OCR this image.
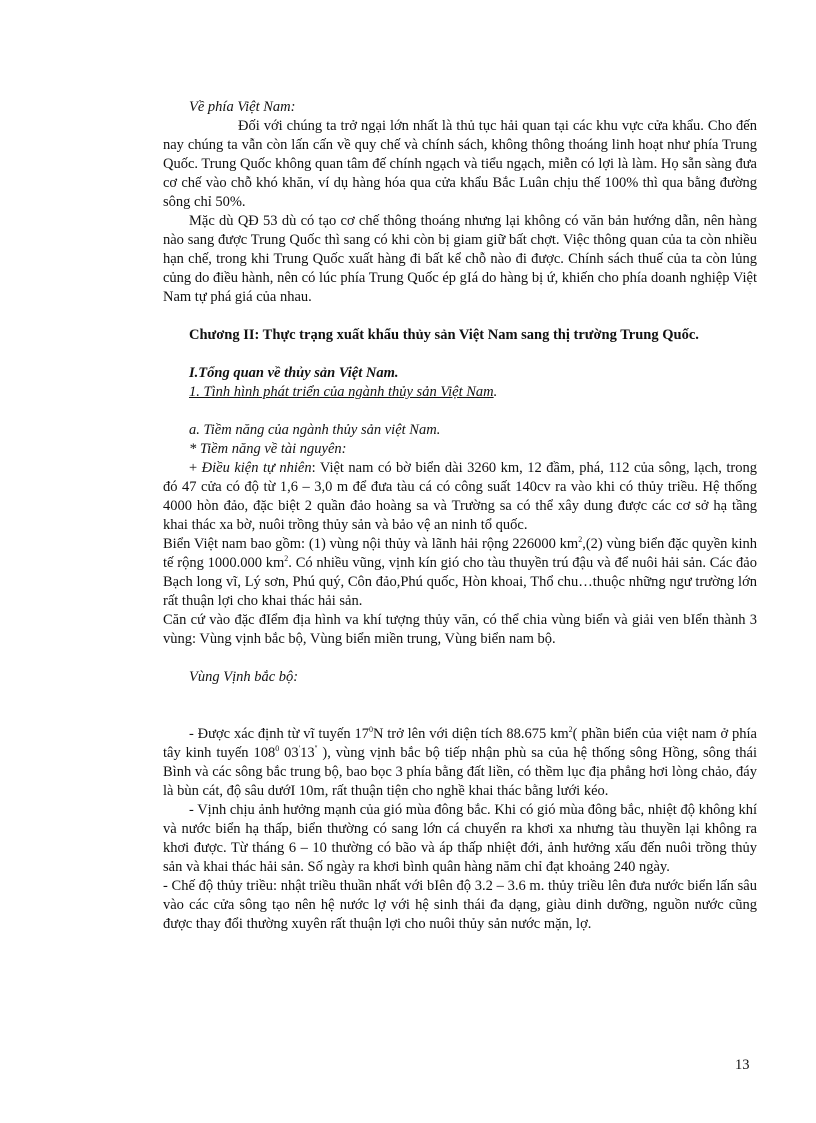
Về phía Việt Nam:

Đối với chúng ta trở ngại lớn nhất là thủ tục hải quan tại các khu vực cửa khẩu. Cho đến nay chúng ta vẫn còn lấn cấn về quy chế và chính sách, không thông thoáng linh hoạt như phía Trung Quốc. Trung Quốc không quan tâm đế chính ngạch và tiểu ngạch, miễn có lợi là làm. Họ sẵn sàng đưa cơ chế vào chỗ khó khăn, ví dụ hàng hóa qua cửa khẩu Bắc Luân chịu thế 100% thì qua bằng đường sông chỉ 50%.

Mặc dù QĐ 53 dù có tạo cơ chế thông thoáng nhưng lại không có văn bản hướng dẫn, nên hàng nào sang được Trung Quốc thì sang có khi còn bị giam giữ bất chợt. Việc thông quan của ta còn nhiều hạn chế, trong khi Trung Quốc xuất hàng đi bất kể chỗ nào đi được. Chính sách thuế của ta còn lủng củng do điều hành, nên có lúc phía Trung Quốc ép gIá do hàng bị ứ, khiến cho phía doanh nghiệp Việt Nam tự phá giá của nhau.

Chương II: Thực trạng xuất khẩu thủy sản Việt Nam sang thị trường Trung Quốc.

I.Tổng quan về thủy sản Việt Nam.

1. Tình hình phát triển của ngành thủy sản Việt Nam.

a. Tiềm năng của ngành thủy sản việt Nam.

* Tiềm năng về tài nguyên:

+ Điều kiện tự nhiên: Việt nam có bờ biển dài 3260 km, 12 đầm, phá, 112 của sông, lạch, trong đó 47 cửa có độ từ 1,6 – 3,0 m để đưa tàu cá có công suất 140cv ra vào khi có thủy triều. Hệ thống 4000 hòn đảo, đặc biệt 2 quần đảo hoàng sa và Trường sa có thể xây dung được các cơ sở hạ tầng khai thác xa bờ, nuôi trồng thủy sản và bảo vệ an ninh tổ quốc.

Biển Việt nam bao gồm: (1) vùng nội thủy và lãnh hải rộng 226000 $km^2,(2)$ vùng biển đặc quyền kinh tế rộng 1000.000 $km^2$. Có nhiều vũng, vịnh kín gió cho tàu thuyền trú đậu và để nuôi hải sản. Các đảo Bạch long vĩ, Lý sơn, Phú quý, Côn đảo,Phú quốc, Hòn khoai, Thổ chu…thuộc những ngư trường lớn rất thuận lợi cho khai thác hải sản.

Căn cứ vào đặc đIểm địa hình va khí tượng thủy văn, có thể chia vùng biển và giải ven bIển thành 3 vùng: Vùng vịnh bắc bộ, Vùng biển miền trung, Vùng biển nam bộ.

Vùng Vịnh bắc bộ:

- Được xác định từ vĩ tuyến $17^0N$ trở lên với diện tích 88.675 $km^2$( phần biển của việt nam ở phía tây kinh tuyến $108^0$ 03'13'' ), vùng vịnh bắc bộ tiếp nhận phù sa của hệ thống sông Hồng, sông thái Bình và các sông bắc trung bộ, bao bọc 3 phía bằng đất liền, có thềm lục địa phẳng hơi lòng chảo, đáy là bùn cát, độ sâu dướI 10m, rất thuận tiện cho nghề khai thác bằng lưới kéo.

- Vịnh chịu ảnh hưởng mạnh của gió mùa đông bắc. Khi có gió mùa đông bắc, nhiệt độ không khí và nước biển hạ thấp, biển thường có sang lớn cá chuyển ra khơi xa nhưng tàu thuyền lại không ra khơi được. Từ tháng 6 – 10 thường có bão và áp thấp nhiệt đới, ảnh hưởng xấu đến nuôi trồng thủy sản và khai thác hải sản. Số ngày ra khơi bình quân hàng năm chỉ đạt khoảng 240 ngày.

- Chế độ thủy triều: nhật triều thuần nhất với bIên độ 3.2 – 3.6 m. thủy triều lên đưa nước biển lấn sâu vào các cửa sông tạo nên hệ nước lợ với hệ sinh thái đa dạng, giàu dinh dưỡng, nguồn nước cũng được thay đổi thường xuyên rất thuận lợi cho nuôi thủy sản nước mặn, lợ.

13
